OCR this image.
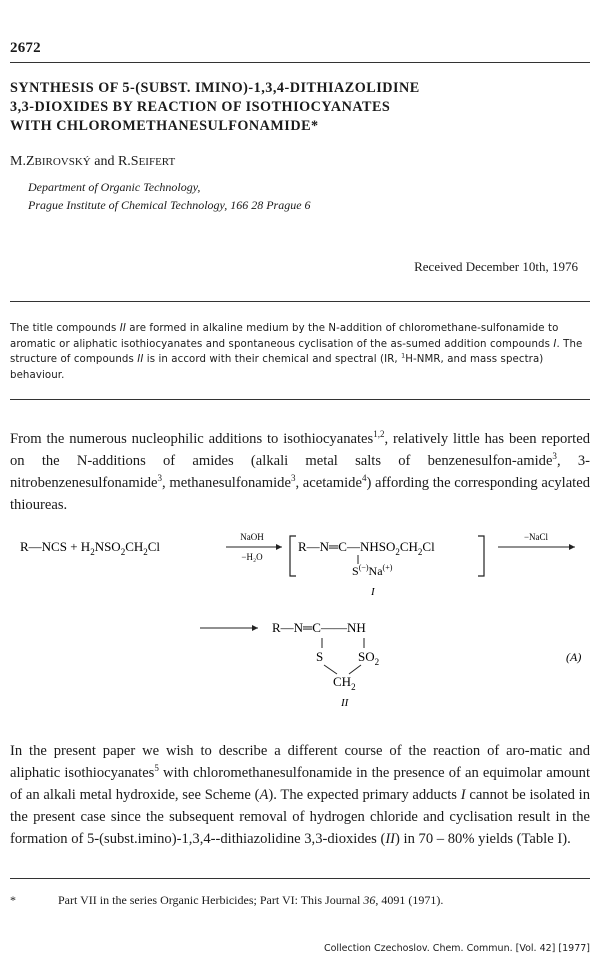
2672
SYNTHESIS OF 5-(SUBST. IMINO)-1,3,4-DITHIAZOLIDINE
3,3-DIOXIDES BY REACTION OF ISOTHIOCYANATES
WITH CHLOROMETHANESULFONAMIDE*
M.ZBIROVSKÝ and R.SEIFERT
Department of Organic Technology,
Prague Institute of Chemical Technology, 166 28 Prague 6
Received December 10th, 1976
The title compounds II are formed in alkaline medium by the N-addition of chloromethane-sulfonamide to aromatic or aliphatic isothiocyanates and spontaneous cyclisation of the as-sumed addition compounds I. The structure of compounds II is in accord with their chemical and spectral (IR, $^1$H-NMR, and mass spectra) behaviour.
From the numerous nucleophilic additions to isothiocyanates$^{1,2}$, relatively little has been reported on the N-additions of amides (alkali metal salts of benzenesulfon-amide$^3$, 3-nitrobenzenesulfonamide$^3$, methanesulfonamide$^3$, acetamide$^4$) affording the corresponding acylated thioureas.
R—NCS + $H_2NSO_2CH_2Cl$
NaOH
−H₂O
$R—N═C—NHSO_2CH_2Cl$
S(−)Na(+)
I
−NaCl
R—N═C——NH
S	$SO_2$
$CH_2$
II
(A)
In the present paper we wish to describe a different course of the reaction of aro-matic and aliphatic isothiocyanates$^5$ with chloromethanesulfonamide in the presence of an equimolar amount of an alkali metal hydroxide, see Scheme (A). The expected primary adducts I cannot be isolated in the present case since the subsequent removal of hydrogen chloride and cyclisation result in the formation of 5-(subst.imino)-1,3,4--dithiazolidine 3,3-dioxides (II) in 70 – 80% yields (Table I).
*	Part VII in the series Organic Herbicides; Part VI: This Journal 36, 4091 (1971).
Collection Czechoslov. Chem. Commun. [Vol. 42] [1977]
